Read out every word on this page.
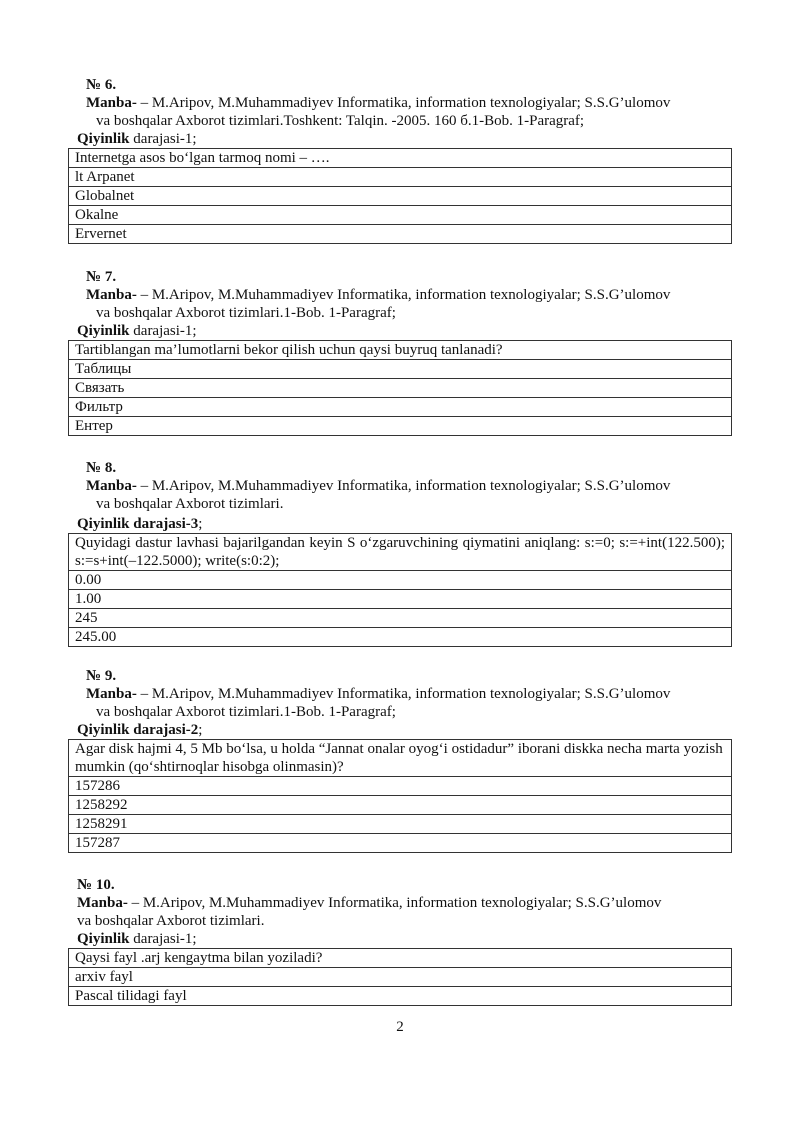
№ 6.
Manba- – M.Aripov, M.Muhammadiyev Informatika, information texnologiyalar; S.S.G’ulomov
va boshqalar Axborot tizimlari.Toshkent: Talqin. -2005. 160 б.1-Bob. 1-Paragraf;
Qiyinlik darajasi-1;
Internetga asos bo‘lgan tarmoq nomi – ….
lt Arpanet
Globalnet
Okalne
Ervernet
№ 7.
Manba- – M.Aripov, M.Muhammadiyev Informatika, information texnologiyalar; S.S.G’ulomov
va boshqalar Axborot tizimlari.1-Bob. 1-Paragraf;
Qiyinlik darajasi-1;
Tartiblangan ma’lumotlarni bekor qilish uchun qaysi buyruq tanlanadi?
Таблицы
Связать
Фильтр
Ентер
№ 8.
Manba- – M.Aripov, M.Muhammadiyev Informatika, information texnologiyalar; S.S.G’ulomov
va boshqalar Axborot tizimlari.
Qiyinlik darajasi-3;
Quyidagi dastur lavhasi bajarilgandan keyin S o‘zgaruvchining qiymatini aniqlang: s:=0; s:=+int(122.500); s:=s+int(–122.5000); write(s:0:2);
0.00
1.00
245
245.00
№ 9.
Manba- – M.Aripov, M.Muhammadiyev Informatika, information texnologiyalar; S.S.G’ulomov
va boshqalar Axborot tizimlari.1-Bob. 1-Paragraf;
Qiyinlik darajasi-2;
Agar disk hajmi 4, 5 Mb bo‘lsa, u holda “Jannat onalar oyog‘i ostidadur” iborani diskka necha marta yozish mumkin (qo‘shtirnoqlar hisobga olinmasin)?
157286
1258292
1258291
157287
№ 10.
Manba- – M.Aripov, M.Muhammadiyev Informatika, information texnologiyalar; S.S.G’ulomov
va boshqalar Axborot tizimlari.
Qiyinlik darajasi-1;
Qaysi fayl .arj kengaytma bilan yoziladi?
arxiv fayl
Pascal tilidagi fayl
2
